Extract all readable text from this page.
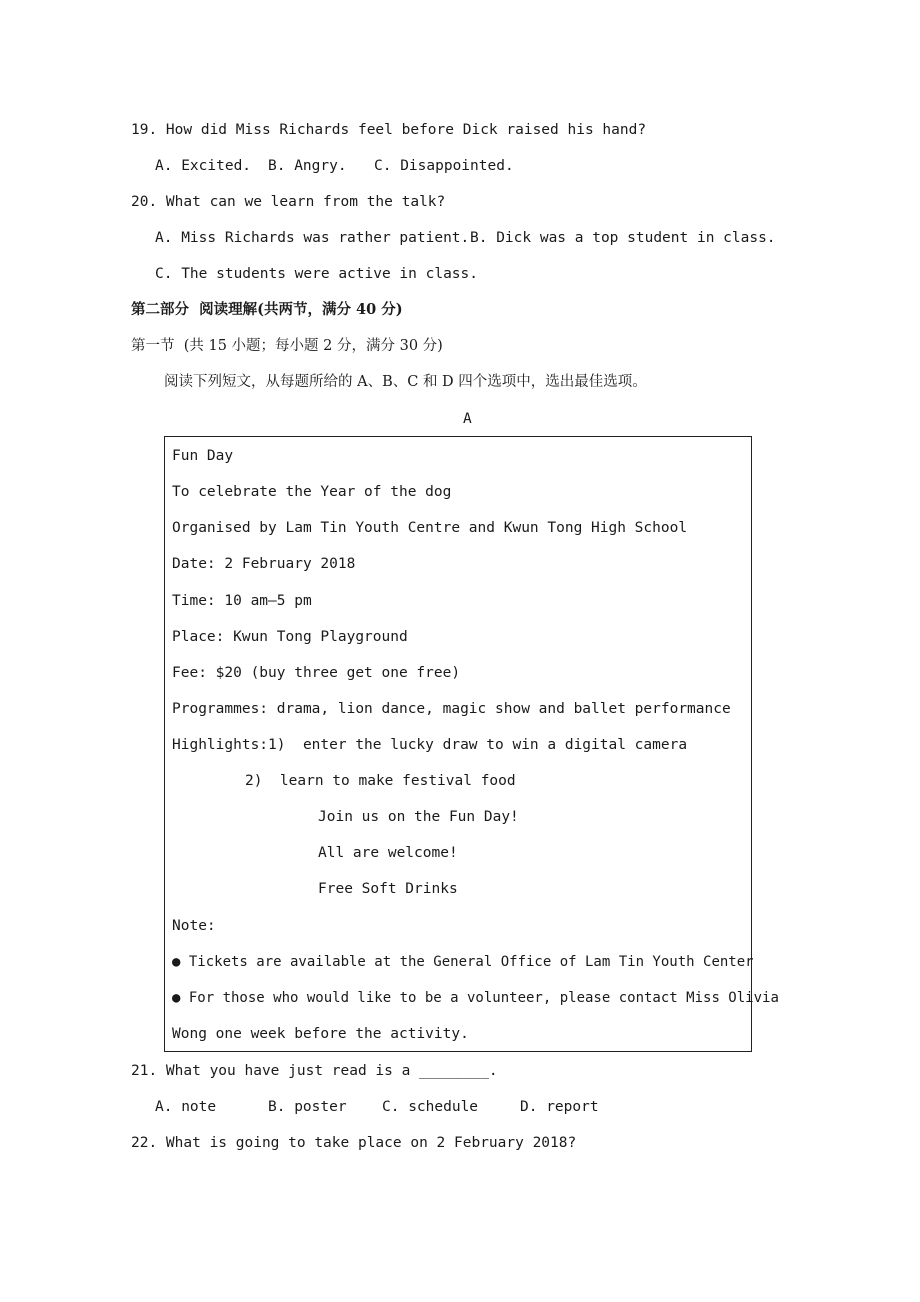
19. How did Miss Richards feel before Dick raised his hand?
A. Excited. B. Angry. C. Disappointed.
20. What can we learn from the talk?
A. Miss Richards was rather patient. B. Dick was a top student in class.
C. The students were active in class.
第二部分  阅读理解(共两节，满分 40 分)
第一节  (共 15 小题；每小题 2 分，满分 30 分)
阅读下列短文，从每题所给的 A、B、C 和 D 四个选项中，选出最佳选项。
A
Fun Day
To celebrate the Year of the dog
Organised by Lam Tin Youth Centre and Kwun Tong High School
Date: 2 February 2018
Time: 10 am—5 pm
Place: Kwun Tong Playground
Fee: $20 (buy three get one free)
Programmes: drama, lion dance, magic show and ballet performance
Highlights:1)  enter the lucky draw to win a digital camera
2)  learn to make festival food
Join us on the Fun Day!
All are welcome!
Free Soft Drinks
Note:
● Tickets are available at the General Office of Lam Tin Youth Center
● For those who would like to be a volunteer, please contact Miss Olivia
Wong one week before the activity.
21. What you have just read is a ________.
A. note	B. poster C. schedule	D. report
22. What is going to take place on 2 February 2018?
